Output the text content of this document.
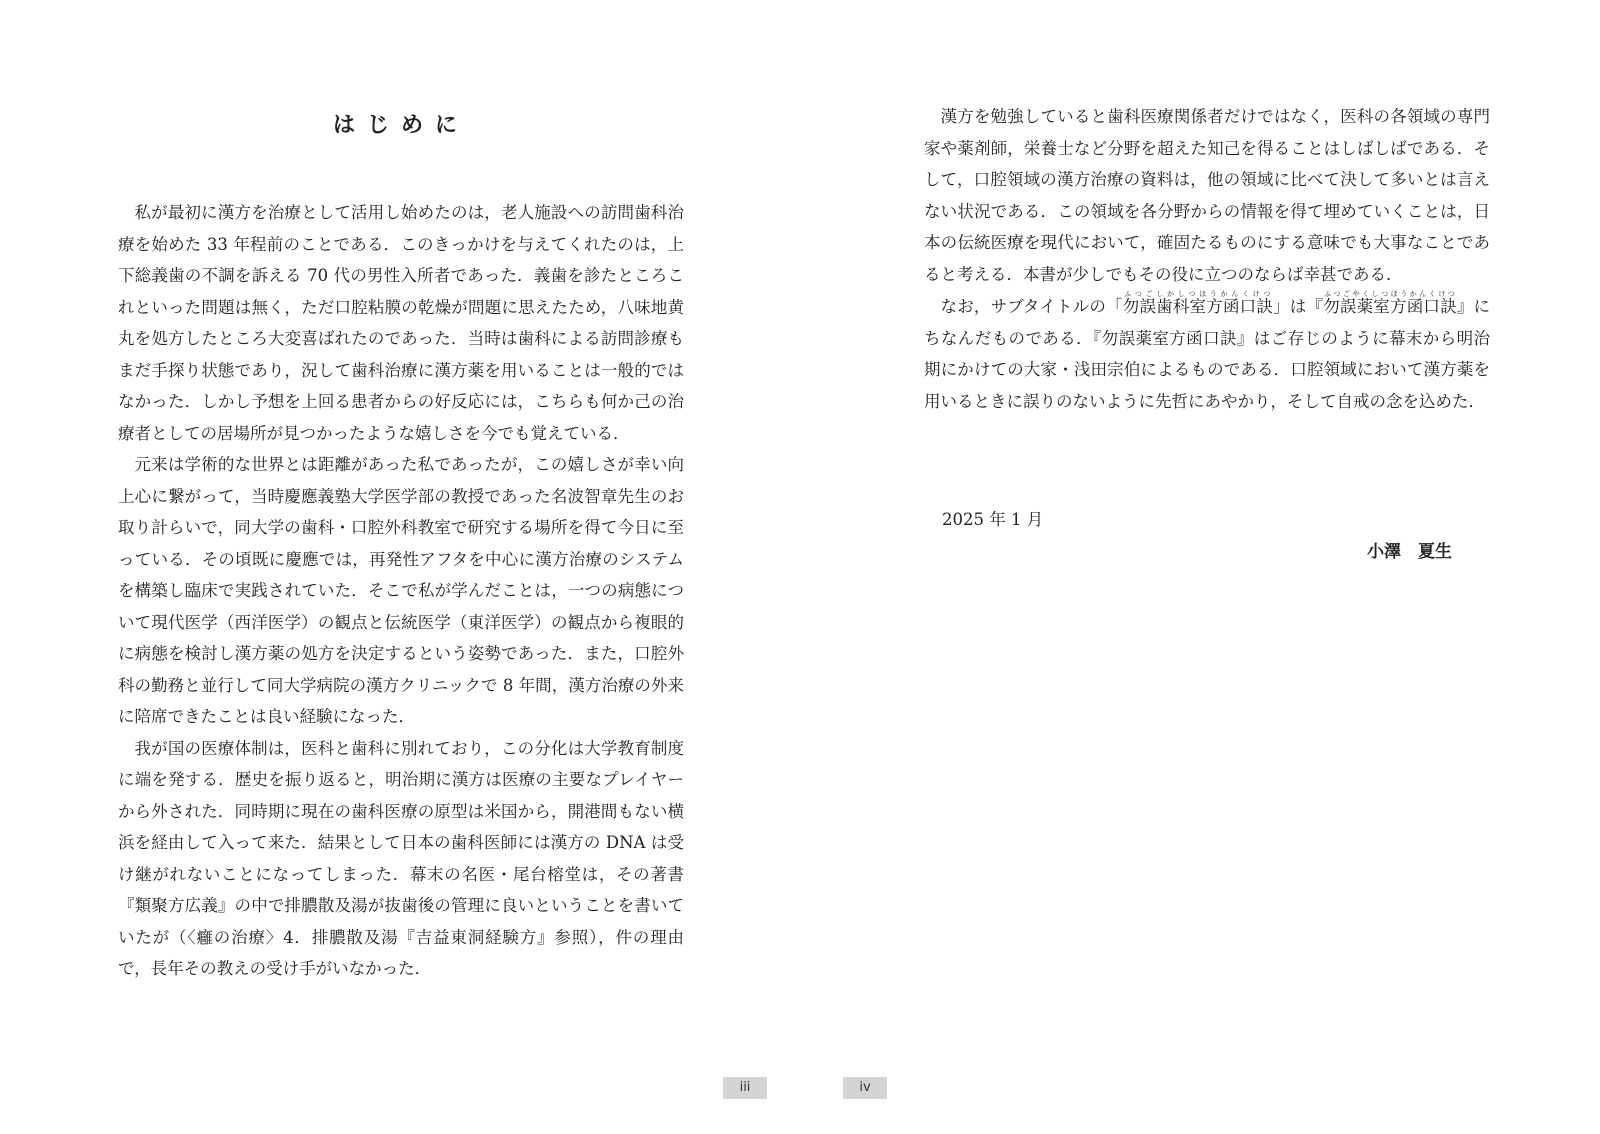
はじめに

私が最初に漢方を治療として活用し始めたのは，老人施設への訪問歯科治療を始めた 33 年程前のことである．このきっかけを与えてくれたのは，上下総義歯の不調を訴える 70 代の男性入所者であった．義歯を診たところこれといった問題は無く，ただ口腔粘膜の乾燥が問題に思えたため，八味地黄丸を処方したところ大変喜ばれたのであった．当時は歯科による訪問診療もまだ手探り状態であり，況して歯科治療に漢方薬を用いることは一般的ではなかった．しかし予想を上回る患者からの好反応には，こちらも何か己の治療者としての居場所が見つかったような嬉しさを今でも覚えている．

元来は学術的な世界とは距離があった私であったが，この嬉しさが幸い向上心に繋がって，当時慶應義塾大学医学部の教授であった名波智章先生のお取り計らいで，同大学の歯科・口腔外科教室で研究する場所を得て今日に至っている．その頃既に慶應では，再発性アフタを中心に漢方治療のシステムを構築し臨床で実践されていた．そこで私が学んだことは，一つの病態について現代医学（西洋医学）の観点と伝統医学（東洋医学）の観点から複眼的に病態を検討し漢方薬の処方を決定するという姿勢であった．また，口腔外科の勤務と並行して同大学病院の漢方クリニックで 8 年間，漢方治療の外来に陪席できたことは良い経験になった．

我が国の医療体制は，医科と歯科に別れており，この分化は大学教育制度に端を発する．歴史を振り返ると，明治期に漢方は医療の主要なプレイヤーから外された．同時期に現在の歯科医療の原型は米国から，開港間もない横浜を経由して入って来た．結果として日本の歯科医師には漢方の DNA は受け継がれないことになってしまった．幕末の名医・尾台榕堂は，その著書『類聚方広義』の中で排膿散及湯が抜歯後の管理に良いということを書いていたが（〈癰の治療〉4．排膿散及湯『吉益東洞経験方』参照），件の理由で，長年その教えの受け手がいなかった．

漢方を勉強していると歯科医療関係者だけではなく，医科の各領域の専門家や薬剤師，栄養士など分野を超えた知己を得ることはしばしばである．そして，口腔領域の漢方治療の資料は，他の領域に比べて決して多いとは言えない状況である．この領域を各分野からの情報を得て埋めていくことは，日本の伝統医療を現代において，確固たるものにする意味でも大事なことであると考える．本書が少しでもその役に立つのならば幸甚である．

なお，サブタイトルの「勿誤歯科室方函口訣ふつごしかしつほうかんくけつ」は『勿誤薬室方函口訣ふつごやくしつほうかんくけつ』にちなんだものである．『勿誤薬室方函口訣』はご存じのように幕末から明治期にかけての大家・浅田宗伯によるものである．口腔領域において漢方薬を用いるときに誤りのないように先哲にあやかり，そして自戒の念を込めた．

2025 年 1 月

小澤　夏生

iii	iv
